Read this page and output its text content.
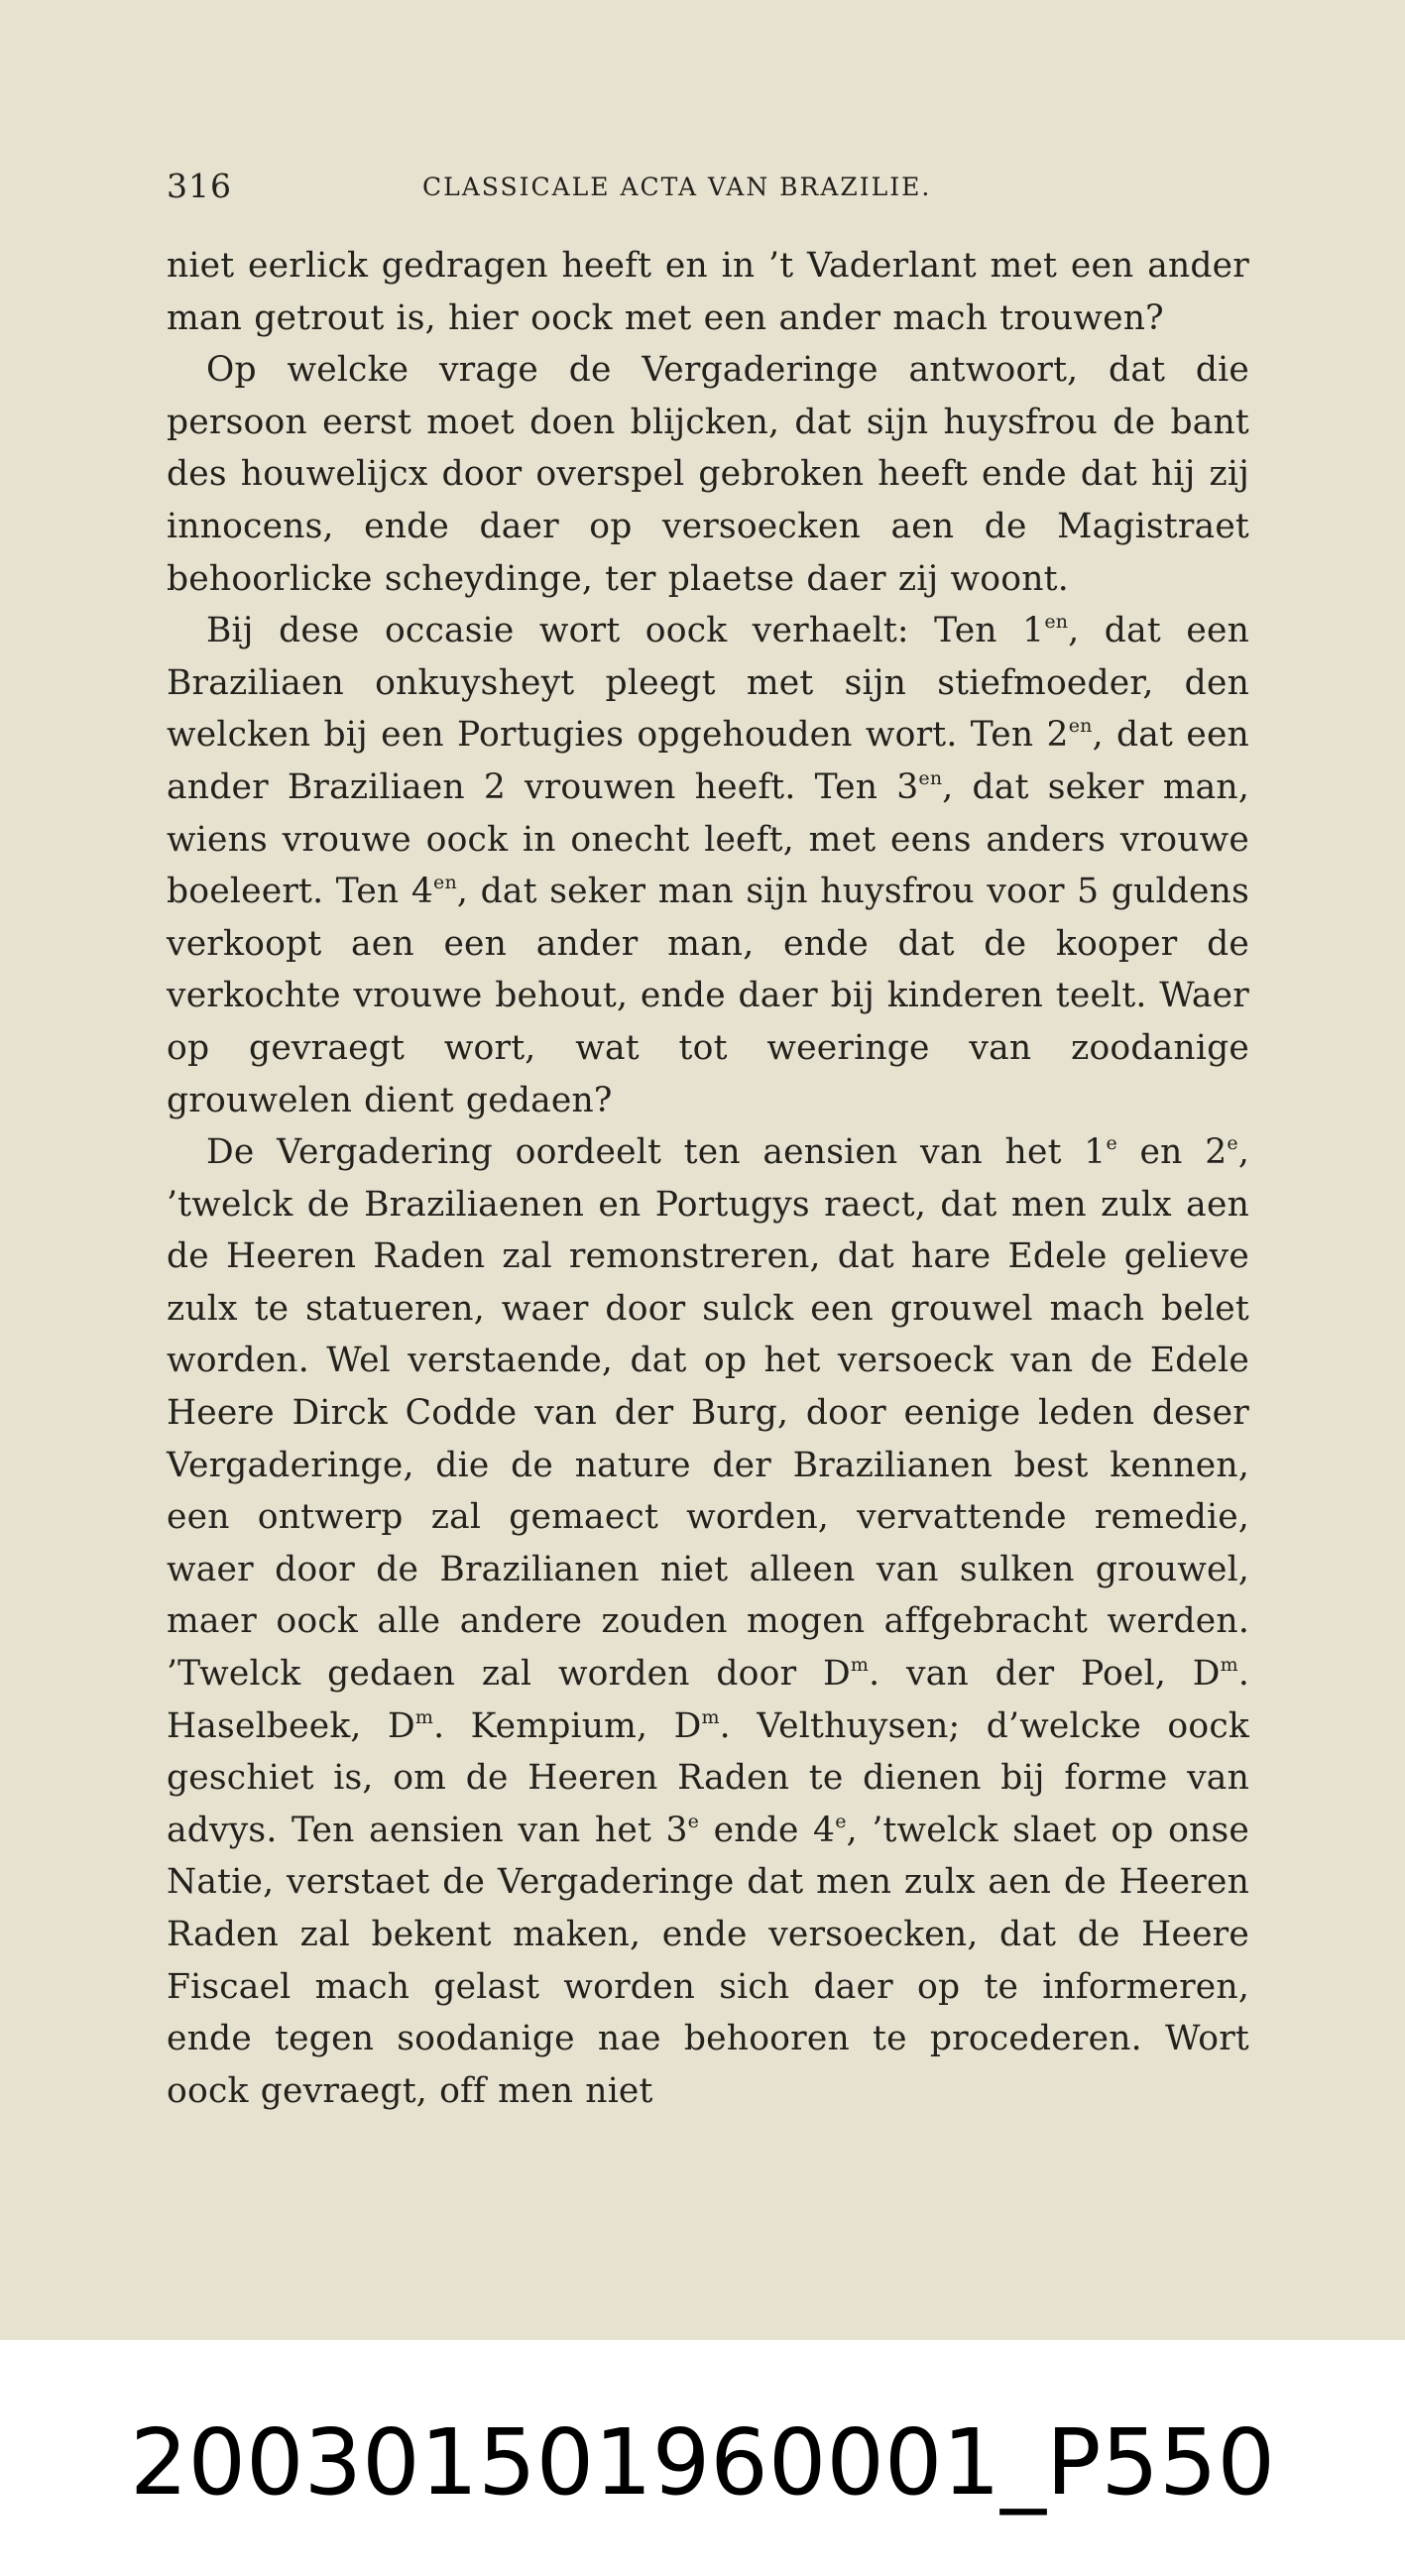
316	CLASSICALE ACTA VAN BRAZILIE.

niet eerlick gedragen heeft en in ’t Vaderlant met een ander man getrout is, hier oock met een ander mach trouwen?

Op welcke vrage de Vergaderinge antwoort, dat die persoon eerst moet doen blijcken, dat sijn huysfrou de bant des houwelijcx door overspel gebroken heeft ende dat hij zij innocens, ende daer op versoecken aen de Magistraet behoorlicke scheydinge, ter plaetse daer zij woont.

Bij dese occasie wort oock verhaelt: Ten $1^{en}$, dat een Braziliaen onkuysheyt pleegt met sijn stiefmoeder, den welcken bij een Portugies opgehouden wort. Ten $2^{en}$, dat een ander Braziliaen 2 vrouwen heeft. Ten $3^{en}$, dat seker man, wiens vrouwe oock in onecht leeft, met eens anders vrouwe boeleert. Ten $4^{en}$, dat seker man sijn huysfrou voor 5 guldens verkoopt aen een ander man, ende dat de kooper de verkochte vrouwe behout, ende daer bij kinderen teelt. Waer op gevraegt wort, wat tot weeringe van zoodanige grouwelen dient gedaen?

De Vergadering oordeelt ten aensien van het 1e en 2e, ’twelck de Braziliaenen en Portugys raect, dat men zulx aen de Heeren Raden zal remonstreren, dat hare Edele gelieve zulx te statueren, waer door sulck een grouwel mach belet worden. Wel verstaende, dat op het versoeck van de Edele Heere Dirck Codde van der Burg, door eenige leden deser Vergaderinge, die de nature der Brazilianen best kennen, een ontwerp zal gemaect worden, vervattende remedie, waer door de Brazilianen niet alleen van sulken grouwel, maer oock alle andere zouden mogen affgebracht werden. ’Twelck gedaen zal worden door $D^m$. van der Poel, $D^m$. Haselbeek, $D^m$. Kempium, $D^m$. Velthuysen; d’welcke oock geschiet is, om de Heeren Raden te dienen bij forme van advys. Ten aensien van het 3e ende 4e, ’twelck slaet op onse Natie, verstaet de Vergaderinge dat men zulx aen de Heeren Raden zal bekent maken, ende versoecken, dat de Heere Fiscael mach gelast worden sich daer op te informeren, ende tegen soodanige nae behooren te procederen. Wort oock gevraegt, off men niet

20030150196000​1_P550
